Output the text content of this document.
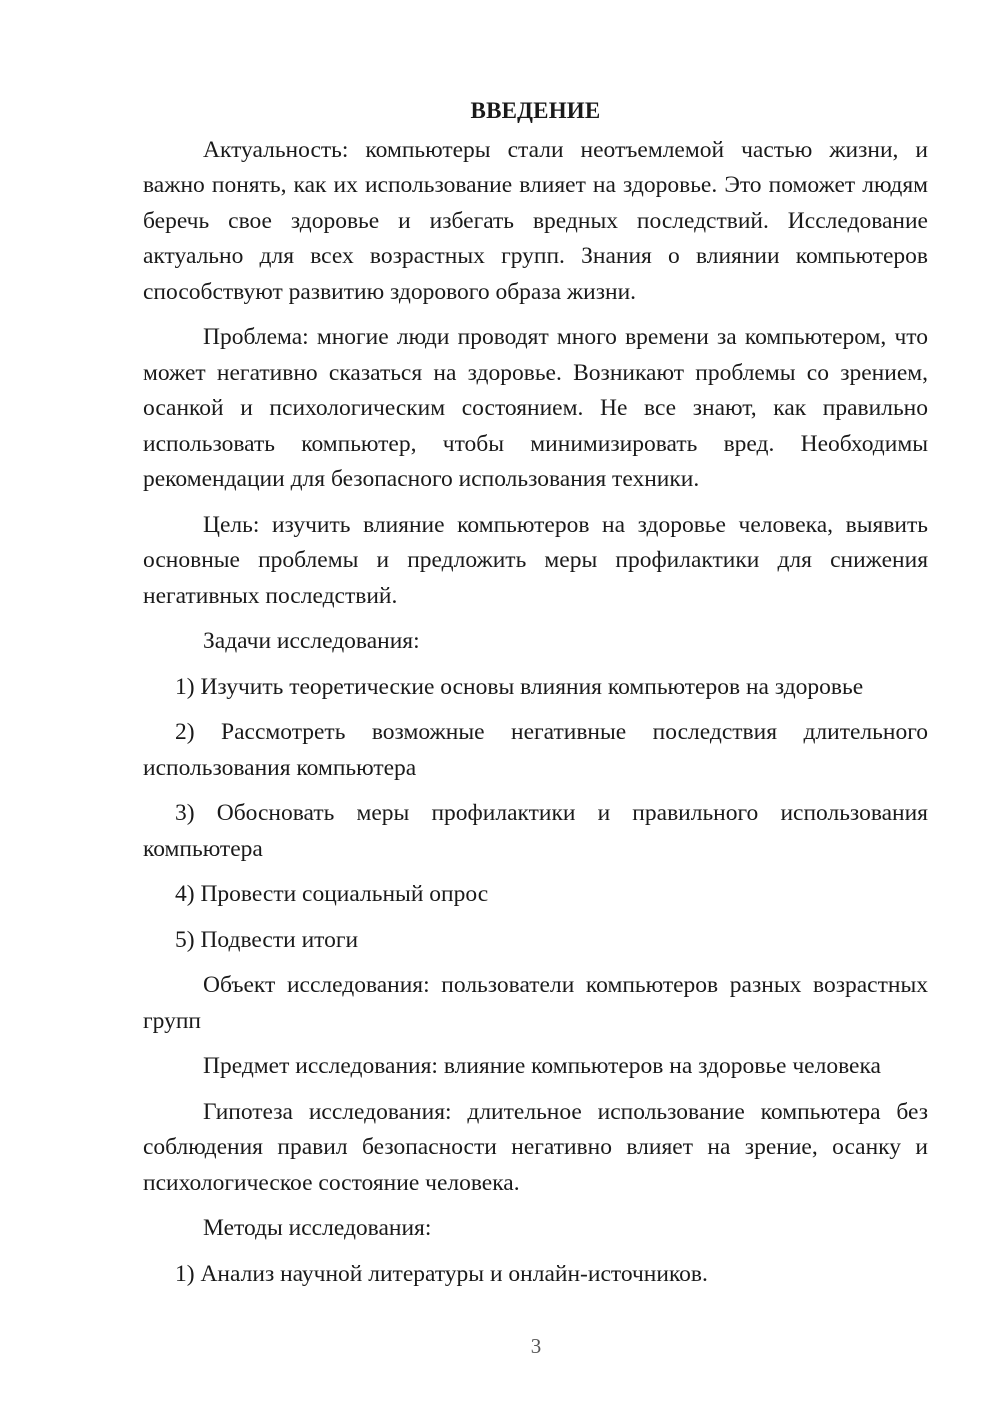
ВВЕДЕНИЕ

Актуальность: компьютеры стали неотъемлемой частью жизни, и важно понять, как их использование влияет на здоровье. Это поможет людям беречь свое здоровье и избегать вредных последствий. Исследование актуально для всех возрастных групп. Знания о влиянии компьютеров способствуют развитию здорового образа жизни.

Проблема: многие люди проводят много времени за компьютером, что может негативно сказаться на здоровье. Возникают проблемы со зрением, осанкой и психологическим состоянием. Не все знают, как правильно использовать компьютер, чтобы минимизировать вред. Необходимы рекомендации для безопасного использования техники.

Цель: изучить влияние компьютеров на здоровье человека, выявить основные проблемы и предложить меры профилактики для снижения негативных последствий.

Задачи исследования:

1) Изучить теоретические основы влияния компьютеров на здоровье

2) Рассмотреть возможные негативные последствия длительного использования компьютера

3) Обосновать меры профилактики и правильного использования компьютера

4) Провести социальный опрос

5) Подвести итоги

Объект исследования: пользователи компьютеров разных возрастных групп

Предмет исследования: влияние компьютеров на здоровье человека

Гипотеза исследования: длительное использование компьютера без соблюдения правил безопасности негативно влияет на зрение, осанку и психологическое состояние человека.

Методы исследования:

1) Анализ научной литературы и онлайн-источников.

3
